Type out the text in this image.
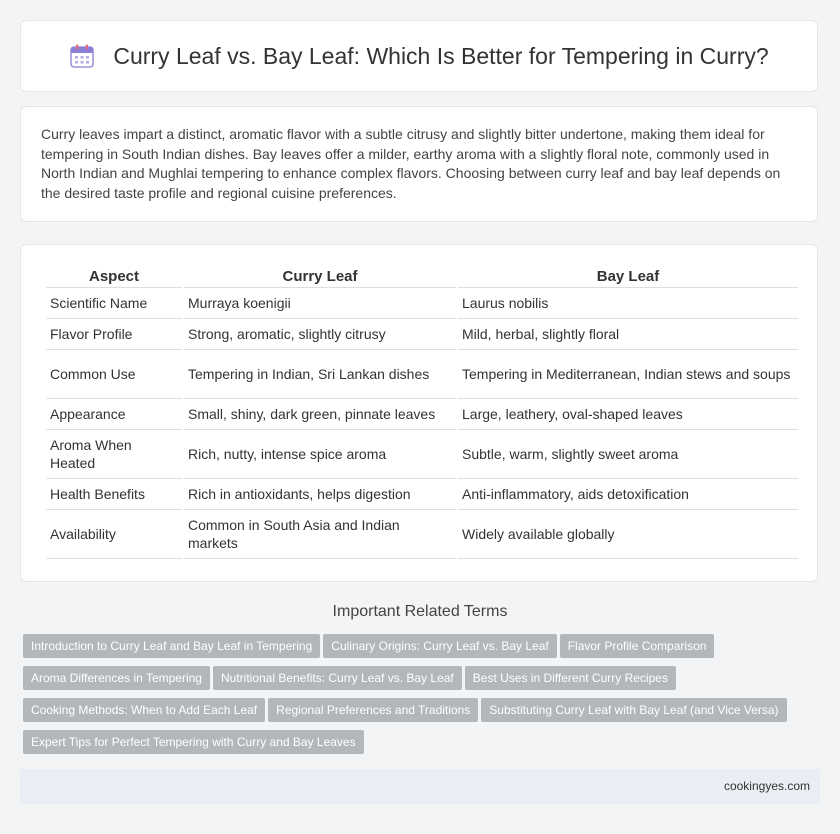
Curry Leaf vs. Bay Leaf: Which Is Better for Tempering in Curry?

Curry leaves impart a distinct, aromatic flavor with a subtle citrusy and slightly bitter undertone, making them ideal for tempering in South Indian dishes. Bay leaves offer a milder, earthy aroma with a slightly floral note, commonly used in North Indian and Mughlai tempering to enhance complex flavors. Choosing between curry leaf and bay leaf depends on the desired taste profile and regional cuisine preferences.

Aspect	Curry Leaf	Bay Leaf
Scientific Name	Murraya koenigii	Laurus nobilis
Flavor Profile	Strong, aromatic, slightly citrusy	Mild, herbal, slightly floral
Common Use	Tempering in Indian, Sri Lankan dishes	Tempering in Mediterranean, Indian stews and soups
Appearance	Small, shiny, dark green, pinnate leaves	Large, leathery, oval-shaped leaves
Aroma When Heated	Rich, nutty, intense spice aroma	Subtle, warm, slightly sweet aroma
Health Benefits	Rich in antioxidants, helps digestion	Anti-inflammatory, aids detoxification
Availability	Common in South Asia and Indian markets	Widely available globally
Important Related Terms
Introduction to Curry Leaf and Bay Leaf in Tempering Culinary Origins: Curry Leaf vs. Bay Leaf Flavor Profile Comparison
Aroma Differences in Tempering Nutritional Benefits: Curry Leaf vs. Bay Leaf Best Uses in Different Curry Recipes
Cooking Methods: When to Add Each Leaf Regional Preferences and Traditions Substituting Curry Leaf with Bay Leaf (and Vice Versa)
Expert Tips for Perfect Tempering with Curry and Bay Leaves
cookingyes.com
